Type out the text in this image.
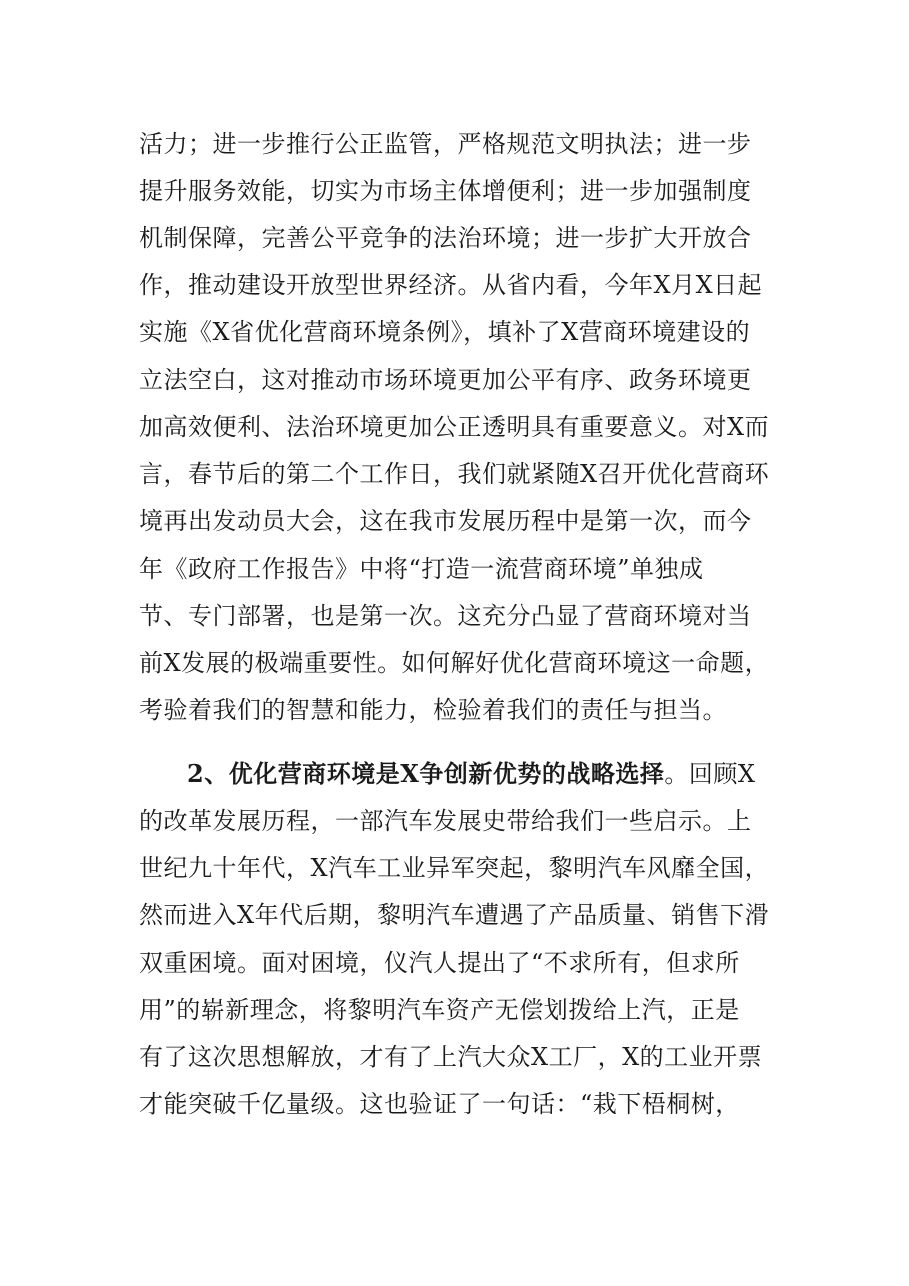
活力；进一步推行公正监管，严格规范文明执法；进一步
提升服务效能，切实为市场主体增便利；进一步加强制度
机制保障，完善公平竞争的法治环境；进一步扩大开放合
作，推动建设开放型世界经济。从省内看，今年X月X日起
实施《X省优化营商环境条例》，填补了X营商环境建设的
立法空白，这对推动市场环境更加公平有序、政务环境更
加高效便利、法治环境更加公正透明具有重要意义。对X而
言，春节后的第二个工作日，我们就紧随X召开优化营商环
境再出发动员大会，这在我市发展历程中是第一次，而今
年《政府工作报告》中将“打造一流营商环境”单独成
节、专门部署，也是第一次。这充分凸显了营商环境对当
前X发展的极端重要性。如何解好优化营商环境这一命题，
考验着我们的智慧和能力，检验着我们的责任与担当。
2、优化营商环境是X争创新优势的战略选择。回顾X
的改革发展历程，一部汽车发展史带给我们一些启示。上
世纪九十年代，X汽车工业异军突起，黎明汽车风靡全国，
然而进入X年代后期，黎明汽车遭遇了产品质量、销售下滑
双重困境。面对困境，仪汽人提出了“不求所有，但求所
用”的崭新理念，将黎明汽车资产无偿划拨给上汽，正是
有了这次思想解放，才有了上汽大众X工厂，X的工业开票
才能突破千亿量级。这也验证了一句话：“栽下梧桐树，
